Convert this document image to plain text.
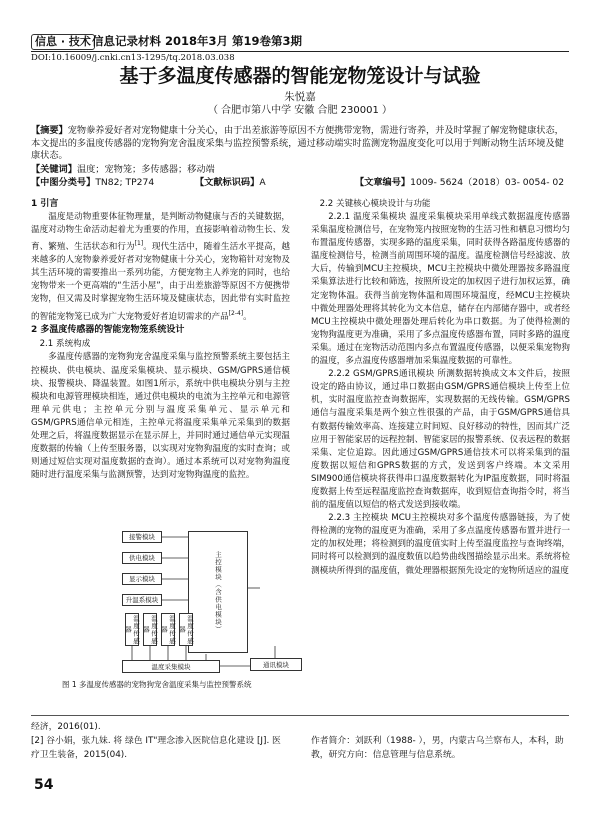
信息 · 技术 信息记录材料 2018年3月 第19卷第3期
DOI:10.16009/j.cnki.cn13-1295/tq.2018.03.038
基于多温度传感器的智能宠物笼设计与试验
朱悦嘉
（ 合肥市第八中学 安徽 合肥 230001 ）
【摘要】宠物豢养爱好者对宠物健康十分关心，由于出差旅游等原因不方便携带宠物，需进行寄养，并及时掌握了解宠物健康状态，本文提出的多温度传感器的宠物狗宠舍温度采集与监控预警系统，通过移动端实时监测宠物温度变化可以用于判断动物生活环境及健康状态。
【关键词】温度；宠物笼；多传感器；移动端
【中图分类号】TN82; TP274	【文献标识码】A	【文章编号】1009- 5624（2018）03- 0054- 02
1 引言

温度是动物重要体征物理量，是判断动物健康与否的关键数据，温度对动物生命活动起着尤为重要的作用，直接影响着动物生长、发育、繁殖、生活状态和行为[1]。现代生活中，随着生活水平提高，越来越多的人宠物豢养爱好者对宠物健康十分关心，宠物箱针对宠物及其生活环境的需要推出一系列功能，方便宠物主人养宠的同时，也给宠物带来一个更高端的“生活小屋”，由于出差旅游等原因不方便携带宠物，但又需及时掌握宠物生活环境及健康状态，因此带有实时监控的智能宠物笼已成为广大宠物爱好者迫切需求的产品[2-4]。

2 多温度传感器的智能宠物笼系统设计
2.1 系统构成

多温度传感器的宠物狗宠舍温度采集与监控预警系统主要包括主控模块、供电模块、温度采集模块、显示模块、GSM/GPRS通信模块、报警模块、降温装置。如图1所示，系统中供电模块分别与主控模块和电源管理模块相连，通过供电模块的电流为主控单元和电源管理单元供电；主控单元分别与温度采集单元、显示单元和GSM/GPRS通信单元相连，主控单元将温度采集单元采集到的数据处理之后，将温度数据显示在显示屏上，并同时通过通信单元实现温度数据的传输（上传至服务器，以实现对宠物狗温度的实时查询；或则通过短信实现对温度数据的查询）。通过本系统可以对宠物狗温度随时进行温度采集与监测预警，达到对宠物狗温度的监控。

接警模块
供电模块
显示模块
升温系模块	主控模块（含供电模块）
温度传感器	温度传感器	温度传感器	温度传感器
温度采集模块	通讯模块
图 1 多温度传感器的宠物狗宠舍温度采集与监控预警系统
2.2 关键核心模块设计与功能

2.2.1 温度采集模块 温度采集模块采用单线式数据温度传感器采集温度检测信号，在宠物笼内按照宠物的生活习性和栖息习惯均匀布置温度传感器，实现多路的温度采集，同时获得各路温度传感器的温度检测信号，检测当前周围环境的温度。温度检测信号经滤波、放大后，传输到MCU主控模块，MCU主控模块中微处理器按多路温度采集算法进行比较和筛选，按照所设定的加权因子进行加权运算，确定宠物体温。获得当前宠物体温和周围环境温度，经MCU主控模块中微处理器处理将其转化为文本信息，储存在内部储存器中，或者经MCU主控模块中微处理器处理后转化为串口数据。为了使得检测的宠物狗温度更为准确，采用了多点温度传感器布置，同时多路的温度采集。通过在宠物活动范围内多点布置温度传感器，以便采集宠物狗的温度，多点温度传感器增加采集温度数据的可靠性。

2.2.2 GSM/GPRS通讯模块 所测数据转换成文本文件后，按照设定的路由协议，通过串口数据由GSM/GPRS通信模块上传至上位机，实时温度监控查询数据库，实现数据的无线传输。GSM/GPRS通信与温度采集是两个独立性很强的产品，由于GSM/GPRS通信具有数据传输效率高、连接建立时间短、良好移动的特性，因而其广泛应用于智能家居的远程控制、智能家居的报警系统、仪表远程的数据采集、定位追踪。因此通过GSM/GPRS通信技术可以将采集到的温度数据以短信和GPRS数据的方式，发送到客户终端。本文采用SIM900通信模块将获得串口温度数据转化为IP温度数据，同时将温度数据上传至远程温度监控查询数据库，收到短信查询指令时，将当前的温度值以短信的格式发送到接收端。

2.2.3 主控模块 MCU主控模块对多个温度传感器链接，为了使得检测的宠物的温度更为准确，采用了多点温度传感器布置并进行一定的加权处理；将检测到的温度值实时上传至温度监控与查询终端，同时将可以检测到的温度数值以趋势曲线图描绘显示出来。系统将检测模块所得到的温度值，微处理器根据预先设定的宠物所适应的温度

经济，2016(01).
[2] 谷小娟，张九妹. 将 绿色 IT"理念渗入医院信息化建设 [J]. 医疗卫生装备，2015(04).
作者简介：刘跃利（1988- ），男，内蒙古乌兰察布人，本科，助教，研究方向：信息管理与信息系统。
54
